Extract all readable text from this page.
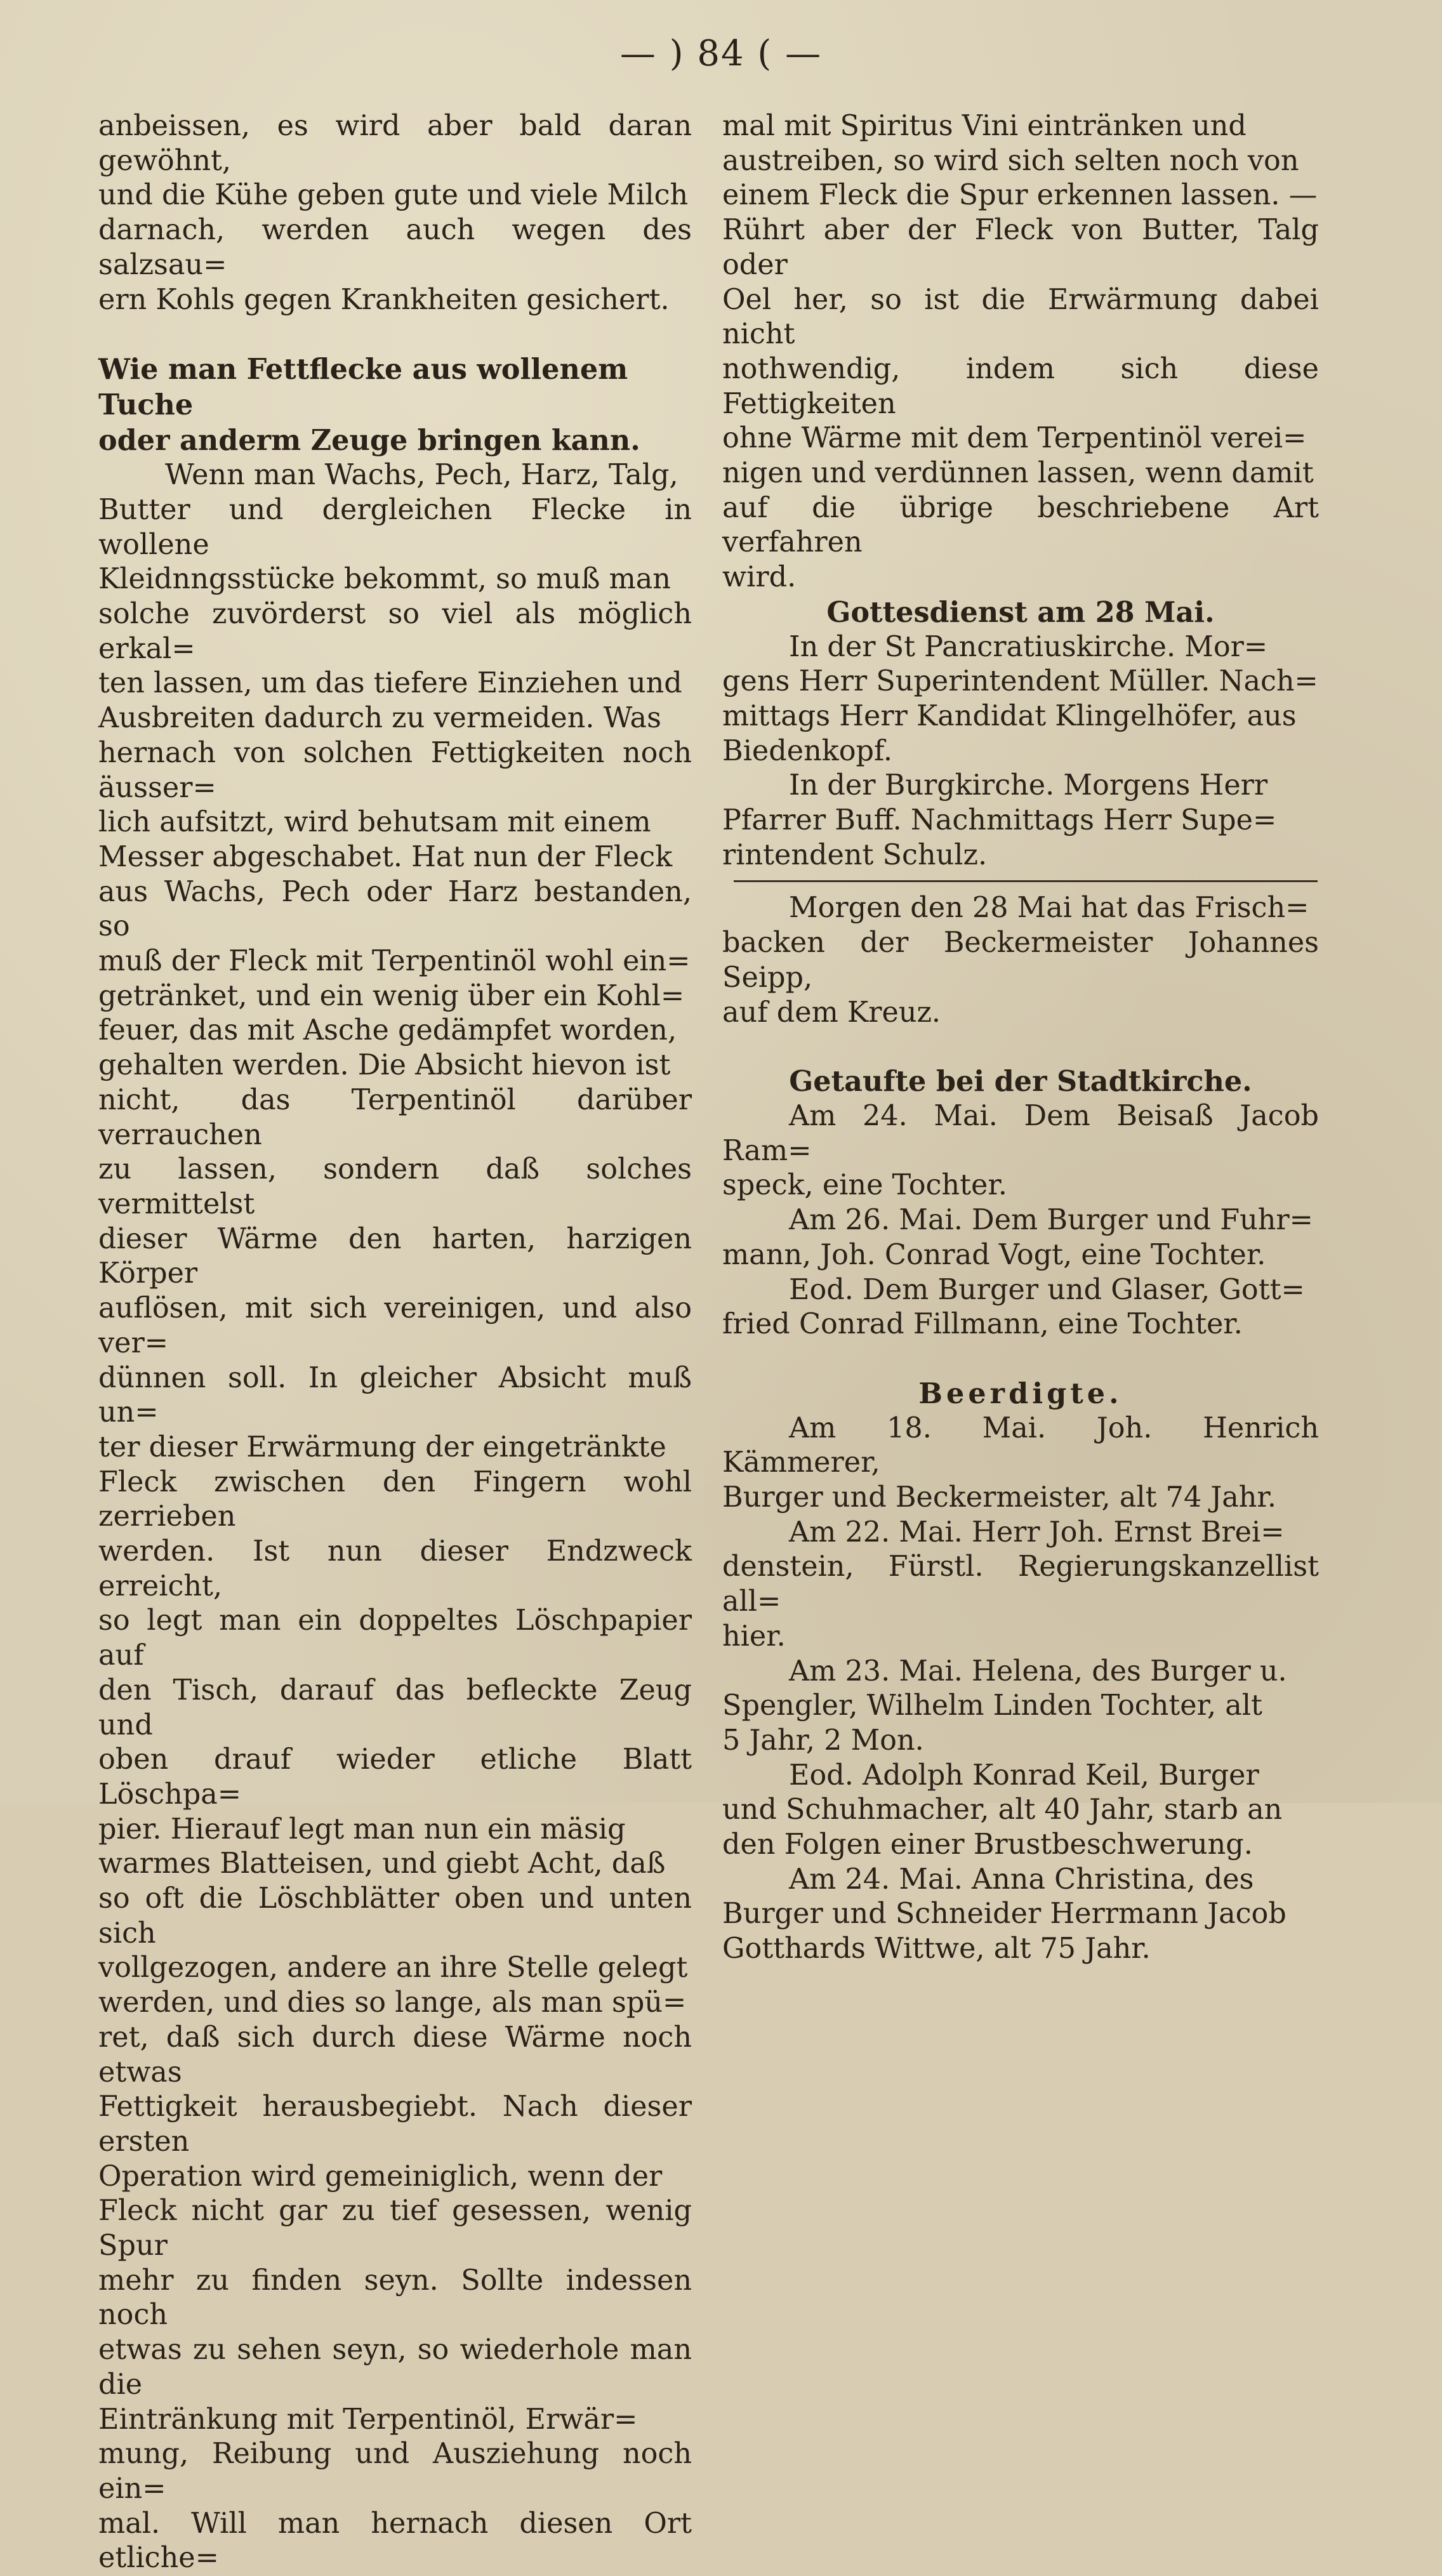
— ) 84 ( —

anbeissen, es wird aber bald daran gewöhnt,
und die Kühe geben gute und viele Milch
darnach, werden auch wegen des salzsau=
ern Kohls gegen Krankheiten gesichert.

Wie man Fettflecke aus wollenem Tuche
oder anderm Zeuge bringen kann.

Wenn man Wachs, Pech, Harz, Talg,
Butter und dergleichen Flecke in wollene
Kleidnngsstücke bekommt, so muß man
solche zuvörderst so viel als möglich erkal=
ten lassen, um das tiefere Einziehen und
Ausbreiten dadurch zu vermeiden. Was
hernach von solchen Fettigkeiten noch äusser=
lich aufsitzt, wird behutsam mit einem
Messer abgeschabet. Hat nun der Fleck
aus Wachs, Pech oder Harz bestanden, so
muß der Fleck mit Terpentinöl wohl ein=
getränket, und ein wenig über ein Kohl=
feuer, das mit Asche gedämpfet worden,
gehalten werden. Die Absicht hievon ist
nicht, das Terpentinöl darüber verrauchen
zu lassen, sondern daß solches vermittelst
dieser Wärme den harten, harzigen Körper
auflösen, mit sich vereinigen, und also ver=
dünnen soll. In gleicher Absicht muß un=
ter dieser Erwärmung der eingetränkte
Fleck zwischen den Fingern wohl zerrieben
werden. Ist nun dieser Endzweck erreicht,
so legt man ein doppeltes Löschpapier auf
den Tisch, darauf das befleckte Zeug und
oben drauf wieder etliche Blatt Löschpa=
pier. Hierauf legt man nun ein mäsig
warmes Blatteisen, und giebt Acht, daß
so oft die Löschblätter oben und unten sich
vollgezogen, andere an ihre Stelle gelegt
werden, und dies so lange, als man spü=
ret, daß sich durch diese Wärme noch etwas
Fettigkeit herausbegiebt. Nach dieser ersten
Operation wird gemeiniglich, wenn der
Fleck nicht gar zu tief gesessen, wenig Spur
mehr zu finden seyn. Sollte indessen noch
etwas zu sehen seyn, so wiederhole man die
Eintränkung mit Terpentinöl, Erwär=
mung, Reibung und Ausziehung noch ein=
mal. Will man hernach diesen Ort etliche=

mal mit Spiritus Vini eintränken und
austreiben, so wird sich selten noch von
einem Fleck die Spur erkennen lassen. —
Rührt aber der Fleck von Butter, Talg oder
Oel her, so ist die Erwärmung dabei nicht
nothwendig, indem sich diese Fettigkeiten
ohne Wärme mit dem Terpentinöl verei=
nigen und verdünnen lassen, wenn damit
auf die übrige beschriebene Art verfahren
wird.

Gottesdienst am 28 Mai.

In der St Pancratiuskirche. Mor=
gens Herr Superintendent Müller. Nach=
mittags Herr Kandidat Klingelhöfer, aus
Biedenkopf.

In der Burgkirche. Morgens Herr
Pfarrer Buff. Nachmittags Herr Supe=
rintendent Schulz.

Morgen den 28 Mai hat das Frisch=
backen der Beckermeister Johannes Seipp,
auf dem Kreuz.

Getaufte bei der Stadtkirche.

Am 24. Mai. Dem Beisaß Jacob Ram=
speck, eine Tochter.

Am 26. Mai. Dem Burger und Fuhr=
mann, Joh. Conrad Vogt, eine Tochter.

Eod. Dem Burger und Glaser, Gott=
fried Conrad Fillmann, eine Tochter.

Beerdigte.

Am 18. Mai. Joh. Henrich Kämmerer,
Burger und Beckermeister, alt 74 Jahr.

Am 22. Mai. Herr Joh. Ernst Brei=
denstein, Fürstl. Regierungskanzellist all=
hier.

Am 23. Mai. Helena, des Burger u.
Spengler, Wilhelm Linden Tochter, alt
5 Jahr, 2 Mon.

Eod. Adolph Konrad Keil, Burger
und Schuhmacher, alt 40 Jahr, starb an
den Folgen einer Brustbeschwerung.

Am 24. Mai. Anna Christina, des
Burger und Schneider Herrmann Jacob
Gotthards Wittwe, alt 75 Jahr.
